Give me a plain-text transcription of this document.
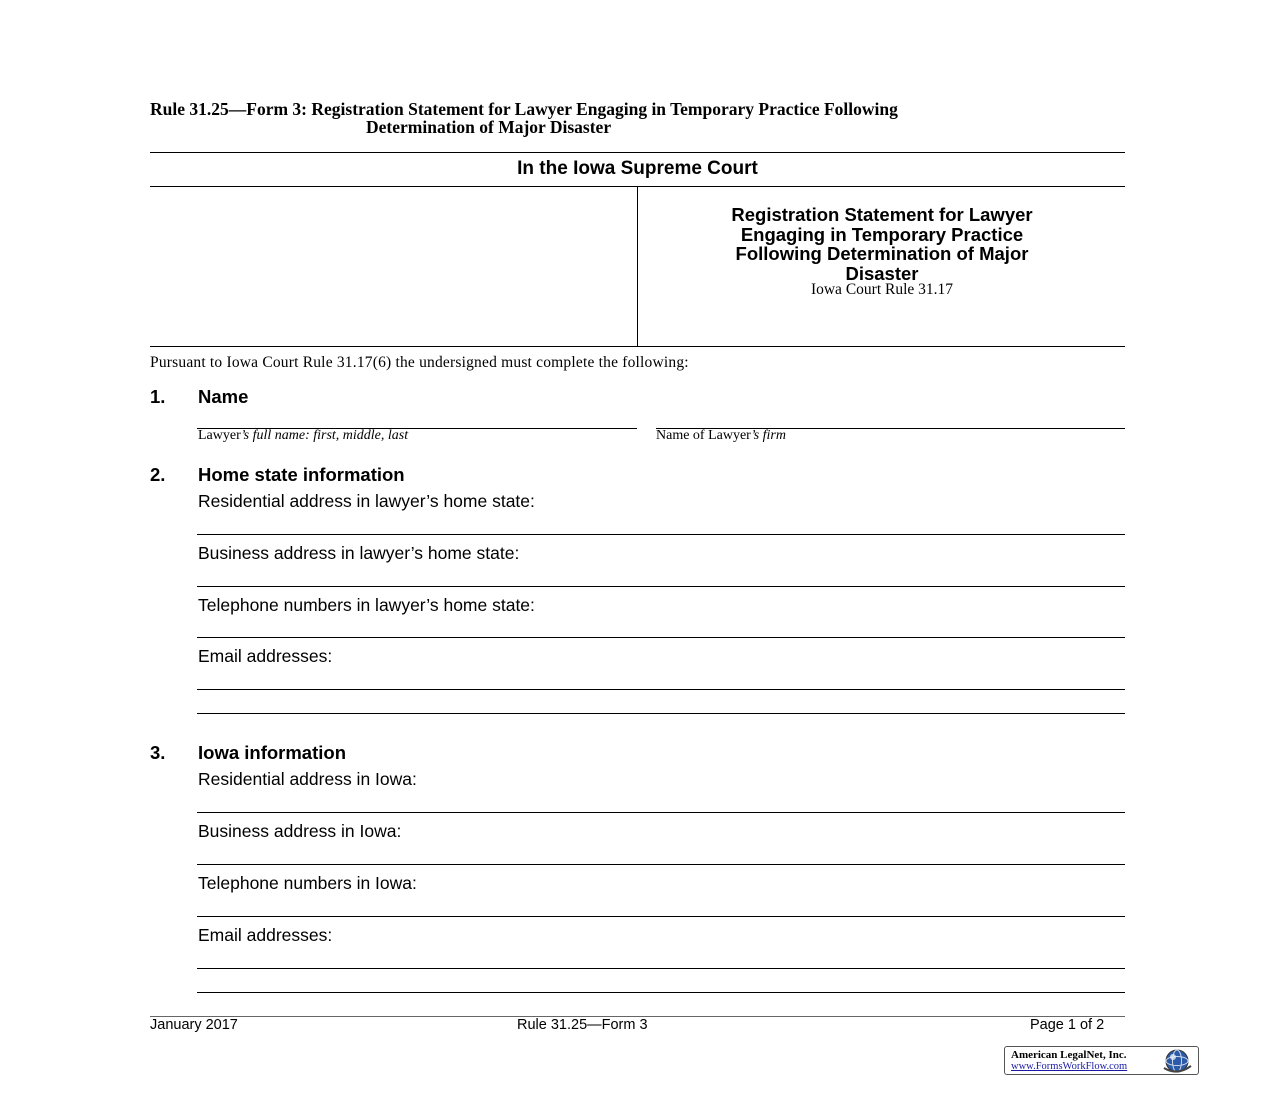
Rule 31.25—Form 3: Registration Statement for Lawyer Engaging in Temporary Practice Following
Determination of Major Disaster
In the Iowa Supreme Court
Registration Statement for Lawyer
Engaging in Temporary Practice
Following Determination of Major
Disaster
Iowa Court Rule 31.17
Pursuant to Iowa Court Rule 31.17(6) the undersigned must complete the following:
1. Name
Lawyer’s full name: first, middle, last	Name of Lawyer’s firm
2. Home state information
Residential address in lawyer’s home state:
Business address in lawyer’s home state:
Telephone numbers in lawyer’s home state:
Email addresses:
3. Iowa information
Residential address in Iowa:
Business address in Iowa:
Telephone numbers in Iowa:
Email addresses:
January 2017	Rule 31.25—Form 3	Page 1 of 2
American LegalNet, Inc.
www.FormsWorkFlow.com
